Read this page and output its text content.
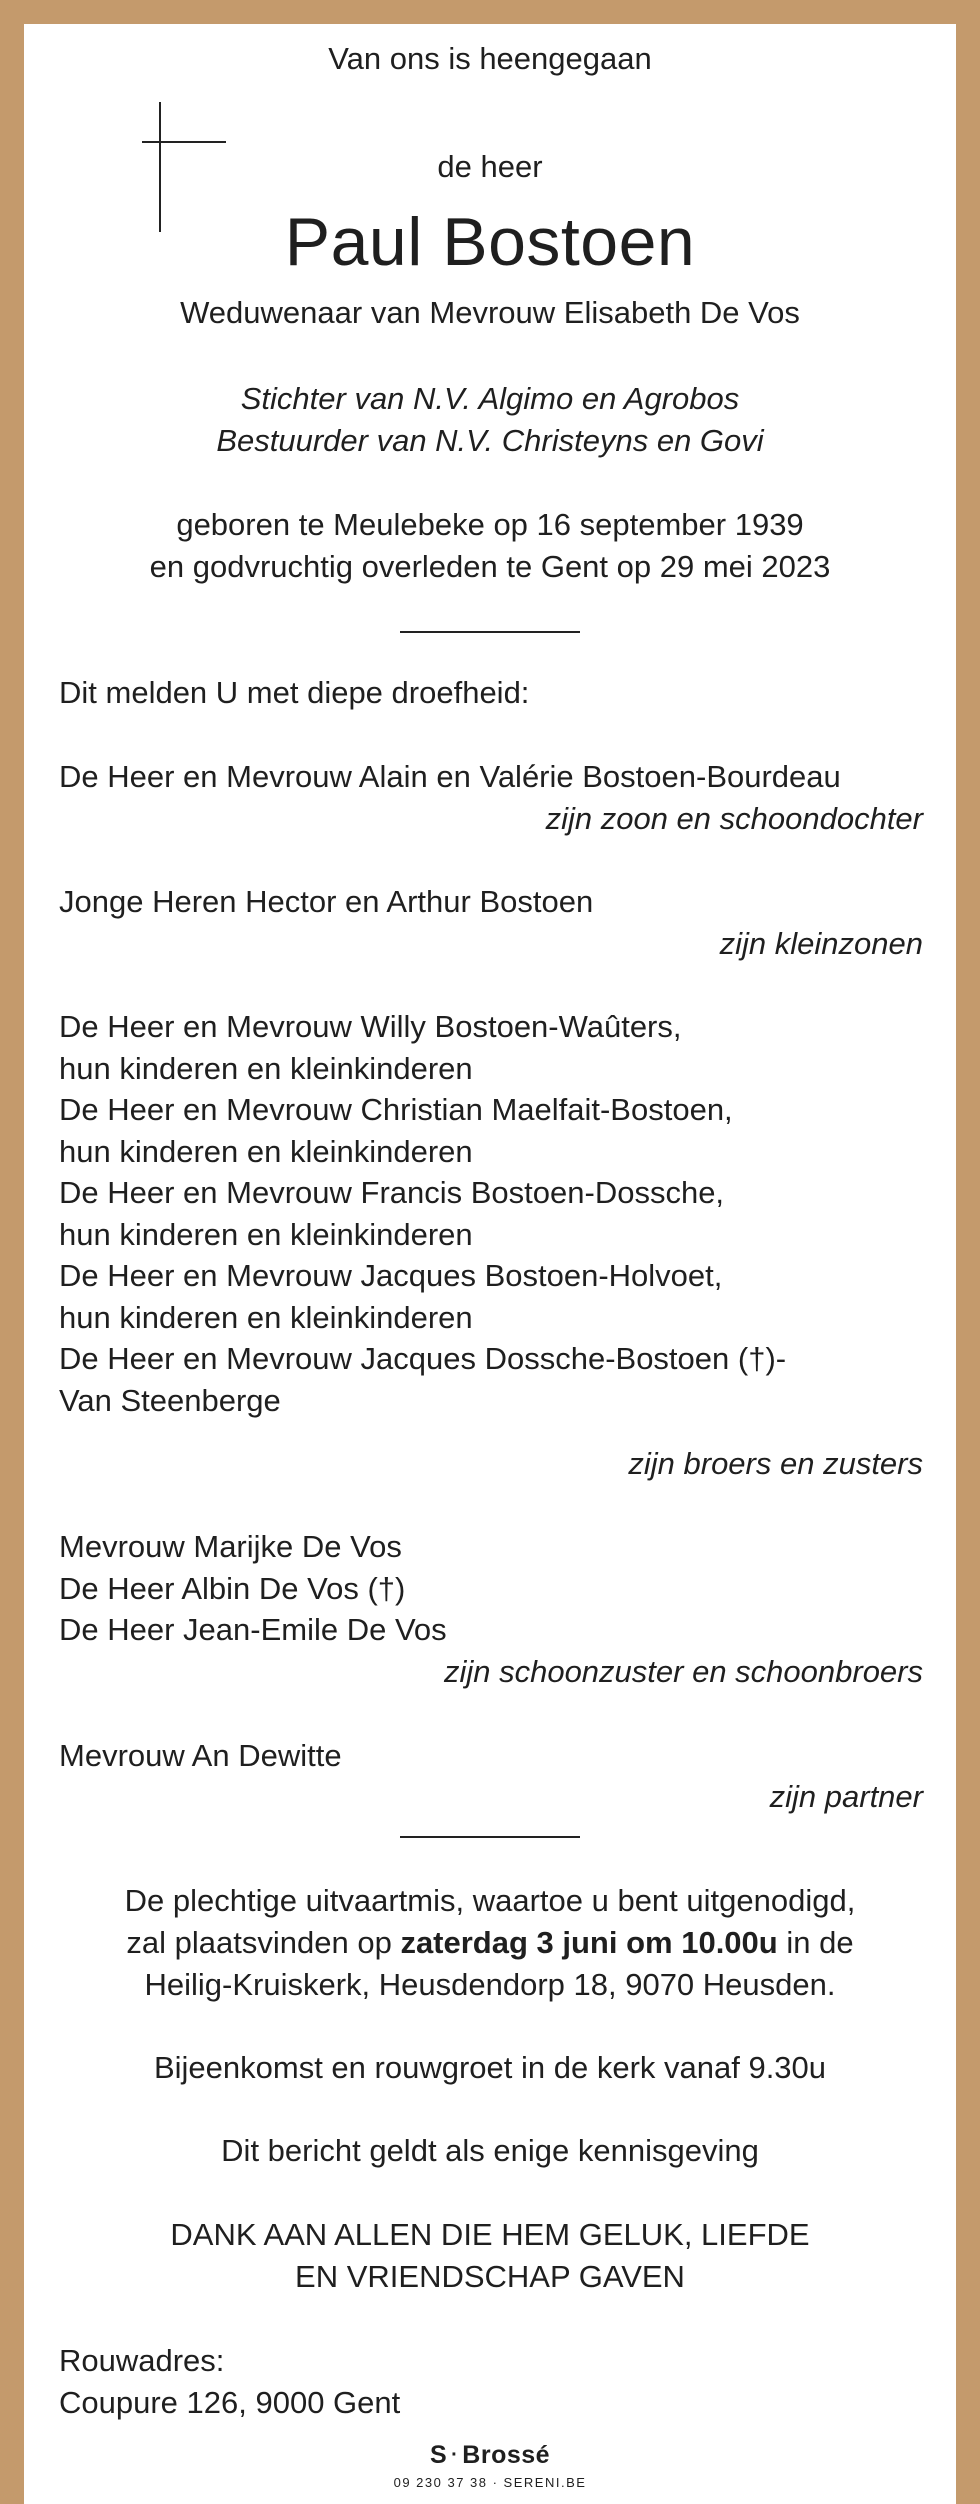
Van ons is heengegaan
de heer
Paul Bostoen
Weduwenaar van Mevrouw Elisabeth De Vos
Stichter van N.V. Algimo en Agrobos
Bestuurder van N.V. Christeyns en Govi
geboren te Meulebeke op 16 september 1939
en godvruchtig overleden te Gent op 29 mei 2023
Dit melden U met diepe droefheid:
De Heer en Mevrouw Alain en Valérie Bostoen-Bourdeau
zijn zoon en schoondochter
Jonge Heren Hector en Arthur Bostoen
zijn kleinzonen
De Heer en Mevrouw Willy Bostoen-Waûters,
hun kinderen en kleinkinderen
De Heer en Mevrouw Christian Maelfait-Bostoen,
hun kinderen en kleinkinderen
De Heer en Mevrouw Francis Bostoen-Dossche,
hun kinderen en kleinkinderen
De Heer en Mevrouw Jacques Bostoen-Holvoet,
hun kinderen en kleinkinderen
De Heer en Mevrouw Jacques Dossche-Bostoen (†)-
Van Steenberge
zijn broers en zusters
Mevrouw Marijke De Vos
De Heer Albin De Vos (†)
De Heer Jean-Emile De Vos
zijn schoonzuster en schoonbroers
Mevrouw An Dewitte
zijn partner
De plechtige uitvaartmis, waartoe u bent uitgenodigd,
zal plaatsvinden op zaterdag 3 juni om 10.00u in de
Heilig-Kruiskerk, Heusdendorp 18, 9070 Heusden.
Bijeenkomst en rouwgroet in de kerk vanaf 9.30u
Dit bericht geldt als enige kennisgeving
DANK AAN ALLEN DIE HEM GELUK, LIEFDE
EN VRIENDSCHAP GAVEN
Rouwadres:
Coupure 126, 9000 Gent
S · Brossé
09 230 37 38 · SERENI.BE
